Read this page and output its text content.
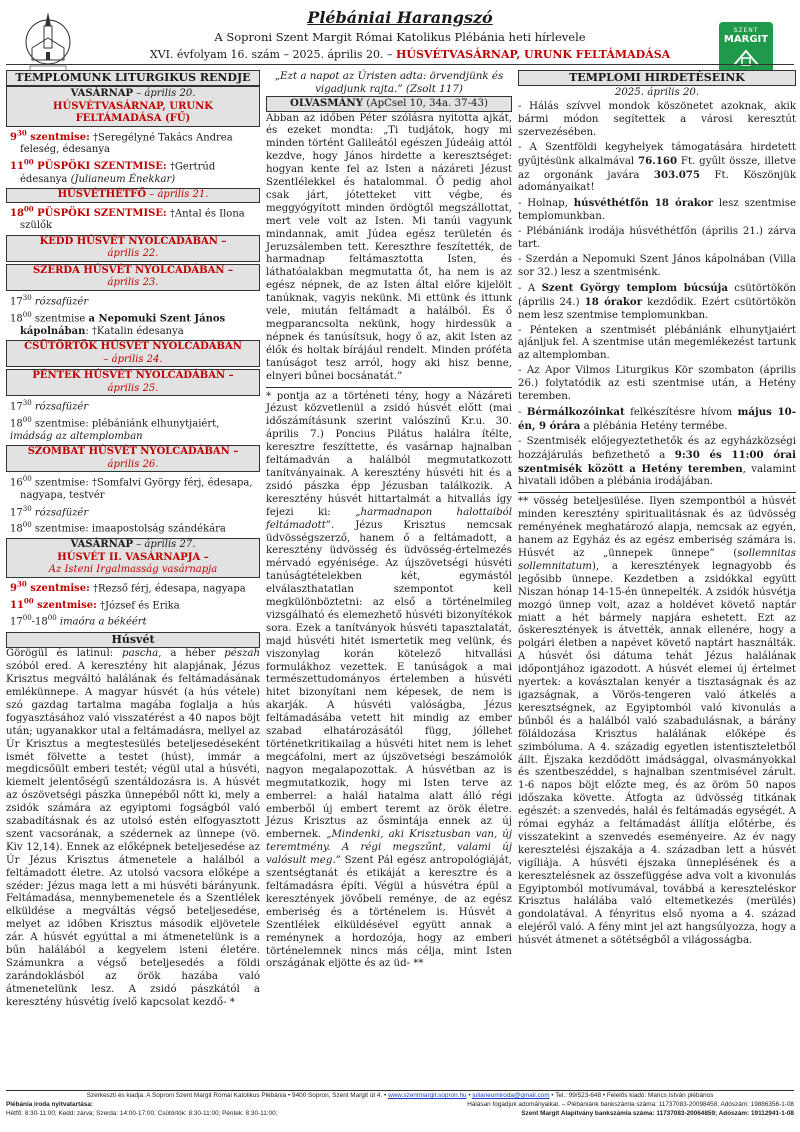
Plébániai Harangszó
A Soproni Szent Margit Római Katolikus Plébánia heti hírlevele
XVI. évfolyam 16. szám – 2025. április 20. – HÚSVÉTVASÁRNAP, URUNK FELTÁMADÁSA
SZENT
MARGIT
TEMPLOMUNK LITURGIKUS RENDJE
VASÁRNAP – április 20.
HÚSVÉTVASÁRNAP, URUNK FELTÁMADÁSA (FŰ)
$9^{30}$ szentmise: †Seregélyné Takács Andrea feleség, édesanya
$11^{00}$ PÜSPÖKI SZENTMISE: †Gertrúd édesanya (Julianeum Énekkar)
HÚSVÉTHÉTFŐ – április 21.
$18^{00}$ PÜSPÖKI SZENTMISE: †Antal és Ilona szülők
KEDD HÚSVÉT NYOLCADÁBAN –
április 22.
SZERDA HÚSVÉT NYOLCADÁBAN –
április 23.
$17^{30}$ rózsafüzér
$18^{00}$ szentmise a Nepomuki Szent János kápolnában: †Katalin édesanya
CSÜTÖRTÖK HÚSVÉT NYOLCADÁBAN
– április 24.
PÉNTEK HÚSVÉT NYOLCADÁBAN –
április 25.
$17^{30}$ rózsafüzér
$18^{00}$ szentmise: plébániánk elhunytjaiért, imádság az altemplomban
SZOMBAT HÚSVÉT NYOLCADÁBAN –
április 26.
$16^{00}$ szentmise: †Somfalvi György férj, édesapa, nagyapa, testvér
$17^{30}$ rózsafüzér
$18^{00}$ szentmise: imaapostolság szándékára
VASÁRNAP – április 27.
HÚSVÉT II. VASÁRNAPJA –
Az Isteni Irgalmasság vasárnapja
$9^{30}$ szentmise: †Rezső férj, édesapa, nagyapa
$11^{00}$ szentmise: †József és Erika
$17^{00}-18^{00}$ imaóra a békéért
Húsvét

Görögül és latinul: pascha, a héber pészah szóból ered. A keresztény hit alapjának, Jézus Krisztus megváltó halálának és feltámadásának emlékünnepe. A magyar húsvét (a hús vétele) szó gazdag tartalma magába foglalja a hús fogyasztásához való visszatérést a 40 napos böjt után; ugyanakkor utal a feltámadásra, mellyel az Úr Krisztus a megtestesülés beteljesedéseként ismét fölvette a testet (húst), immár a megdicsőült emberi testét; végül utal a húsvéti, kiemelt jelentőségű szentáldozásra is. A húsvét az ószövetségi pászka ünnepéből nőtt ki, mely a zsidók számára az egyiptomi fogságból való szabadításnak és az utolsó estén elfogyasztott szent vacsorának, a szédernek az ünnepe (vö. Kiv 12,14). Ennek az előképnek beteljesedése az Úr Jézus Krisztus átmenetele a halálból a feltámadott életre. Az utolsó vacsora előképe a széder: Jézus maga lett a mi húsvéti bárányunk. Feltámadása, mennybemenetele és a Szentlélek elküldése a megváltás végső beteljesedése, melyet az időben Krisztus második eljövetele zár. A húsvét egyúttal a mi átmenetelünk is a bűn halálából a kegyelem isteni életére. Számunkra a végső beteljesedés a földi zarándoklásból az örök hazába való átmenetelünk lesz. A zsidó pászkától a keresztény húsvétig ívelő kapcsolat kezdő- *

„Ezt a napot az Úristen adta: örvendjünk és vigadjunk rajta.” (Zsolt 117)
OLVASMÁNY (ApCsel 10, 34a. 37-43)

Abban az időben Péter szólásra nyitotta ajkát, és ezeket mondta: „Ti tudjátok, hogy mi minden történt Galileától egészen Júdeáig attól kezdve, hogy János hirdette a keresztséget: hogyan kente fel az Isten a názáreti Jézust Szentlélekkel és hatalommal. Ő pedig ahol csak járt, jótetteket vitt végbe, és meggyógyított minden ördögtől megszállottat, mert vele volt az Isten. Mi tanúi vagyunk mindannak, amit Júdea egész területén és Jeruzsálemben tett. Kereszthre feszítették, de harmadnap feltámasztotta Isten, és láthatóalakban megmutatta őt, ha nem is az egész népnek, de az Isten által előre kijelölt tanúknak, vagyis nekünk. Mi ettünk és ittunk vele, miután feltámadt a halálból. És ő megparancsolta nekünk, hogy hirdessük a népnek és tanúsítsuk, hogy ő az, akit Isten az élők és holtak bírájául rendelt. Minden próféta tanúságot tesz arról, hogy aki hisz benne, elnyeri bűnei bocsánatát.”

* pontja az a történeti tény, hogy a Názáreti Jézust közvetlenül a zsidó húsvét előtt (mai időszámításunk szerint valószínű Kr.u. 30. április 7.) Poncius Pilátus halálra ítélte, keresztre feszíttette, és vasárnap hajnalban feltámadván a halálból megmutatkozott tanítványainak. A keresztény húsvéti hit és a zsidó pászka épp Jézusban találkozik. A keresztény húsvét hittartalmát a hitvallás így fejezi ki: „harmadnapon halottaiból feltámadott”. Jézus Krisztus nemcsak üdvösségszerző, hanem ő a feltámadott, a keresztény üdvösség és üdvösség-értelmezés mérvadó egyénisége. Az újszövetségi húsvéti tanúságtételekben két, egymástól elválaszthatatlan szempontot kell megkülönböztetni: az első a történelmileg vizsgálható és elemezhető húsvéti bizonyítékok sora. Ezek a tanítványok húsvéti tapasztalatát, majd húsvéti hitét ismertetik meg velünk, és viszonylag korán kötelező hitvallási formulákhoz vezettek. E tanúságok a mai természettudományos értelemben a húsvéti hitet bizonyítani nem képesek, de nem is akarják. A húsvéti valóságba, Jézus feltámadásába vetett hit mindig az ember szabad elhatározásától függ, jóllehet történetkritikailag a húsvéti hitet nem is lehet megcáfolni, mert az újszövetségi beszámolók nagyon megalapozottak. A húsvétban az is megmutatkozik, hogy mi Isten terve az emberrel: a halál hatalma alatt álló régi emberből új embert teremt az örök életre. Jézus Krisztus az ősmintája ennek az új embernek. „Mindenki, aki Krisztusban van, új teremtmény. A régi megszűnt, valami új valósult meg.” Szent Pál egész antropológiáját, szentségtanát és etikáját a keresztre és a feltámadásra építi. Végül a húsvétra épül a keresztények jövőbeli reménye, de az egész emberiség és a történelem is. Húsvét a Szentlélek elküldésével együtt annak a reménynek a hordozója, hogy az emberi történelemnek nincs más célja, mint Isten országának eljötte és az üd- **

TEMPLOMI HIRDETÉSEINK
2025. április 20.

- Hálás szívvel mondok köszönetet azoknak, akik bármi módon segítettek a városi keresztút szervezésében.

- A Szentföldi kegyhelyek támogatására hirdetett gyűjtésünk alkalmával 76.160 Ft. gyűlt össze, illetve az orgonánk javára 303.075 Ft. Köszönjük adományaikat!

- Holnap, húsvéthétfőn 18 órakor lesz szentmise templomunkban.

- Plébániánk irodája húsvéthétfőn (április 21.) zárva tart.

- Szerdán a Nepomuki Szent János kápolnában (Villa sor 32.) lesz a szentmisénk.

- A Szent György templom búcsúja csütörtökön (április 24.) 18 órakor kezdődik. Ezért csütörtökön nem lesz szentmise templomunkban.

- Pénteken a szentmisét plébániánk elhunytjaiért ajánljuk fel. A szentmise után megemlékezést tartunk az altemplomban.

- Az Apor Vilmos Liturgikus Kör szombaton (április 26.) folytatódik az esti szentmise után, a Hetény teremben.

- Bérmálkozóinkat felkészítésre hívom május 10-én, 9 órára a plébánia Hetény termébe.

- Szentmisék előjegyeztethetők és az egyházközségi hozzájárulás befizethető a 9:30 és 11:00 órai szentmisék között a Hetény teremben, valamint hivatali időben a plébánia irodájában.

** vösség beteljesülése. Ilyen szempontból a húsvét minden keresztény spiritualitásnak és az üdvösség reményének meghatározó alapja, nemcsak az egyén, hanem az Egyház és az egész emberiség számára is. Húsvét az „ünnepek ünnepe” (sollemnitas sollemnitatum), a keresztények legnagyobb és legősibb ünnepe. Kezdetben a zsidókkal együtt Niszan hónap 14-15-én ünnepelték. A zsidók húsvétja mozgó ünnep volt, azaz a holdévet követő naptár miatt a hét bármely napjára eshetett. Ezt az őskeresztények is átvették, annak ellenére, hogy a polgári életben a napévet követő naptárt használták. A húsvét ősi dátuma tehát Jézus halálának időpontjához igazodott. A húsvét elemei új értelmet nyertek: a kovásztalan kenyér a tisztaságnak és az igazságnak, a Vörös-tengeren való átkelés a keresztségnek, az Egyiptomból való kivonulás a bűnből és a halálból való szabadulásnak, a bárány föláldozása Krisztus halálának előképe és szimbóluma. A 4. századig egyetlen istentiszteletből állt. Éjszaka kezdődött imádsággal, olvasmányokkal és szentbeszéddel, s hajnalban szentmisével zárult. 1-6 napos böjt előzte meg, és az öröm 50 napos időszaka követte. Átfogta az üdvösség titkának egészét: a szenvedés, halál és feltámadás egységét. A római egyház a feltámadást állítja előtérbe, és visszatekint a szenvedés eseményeire. Az év nagy keresztelési éjszakája a 4. században lett a húsvét vigíliája. A húsvéti éjszaka ünneplésének és a keresztelésnek az összefüggése adva volt a kivonulás Egyiptomból motívumával, továbbá a kereszteléskor Krisztus halálába való eltemetkezés (merülés) gondolatával. A fényritus első nyoma a 4. század elejéről való. A fény mint jel azt hangsúlyozza, hogy a húsvét átmenet a sötétségből a világosságba.

Szerkeszti és kiadja: A Soproni Szent Margit Római Katolikus Plébánia • 9400 Sopron, Szent Margit út 4. • www.szentmargit.sopron.hu • julianeumiroda@gmail.com • Tel.: 99/523-648 • Felelős kiadó: Marics István plébános
Plébánia iroda nyitvatartása:	Hálásan fogadjuk adományaikat. – Plébániánk bankszámla száma: 11737083-20098458; Adószám: 19886356-1-08
Hétfő: 8:30-11:00; Kedd: zárva; Szerda: 14:00-17:00; Csütörtök: 8:30-11:00; Péntek: 8:30-11:00;	Szent Margit Alapítvány bankszámla száma: 11737083-20064859; Adószám: 19112941-1-08
